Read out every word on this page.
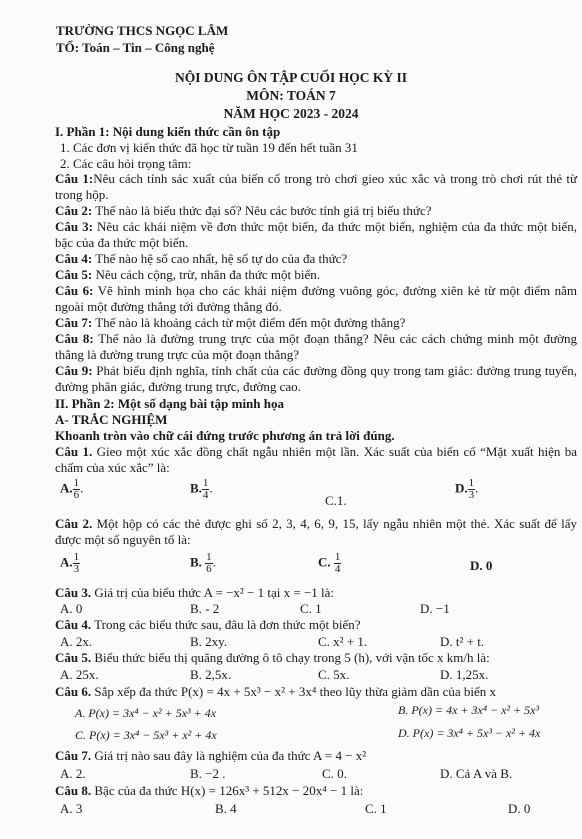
TRƯỜNG THCS NGỌC LÂM
TỔ: Toán – Tin – Công nghệ
NỘI DUNG ÔN TẬP CUỐI HỌC KỲ II
MÔN: TOÁN 7
NĂM HỌC 2023 - 2024
I. Phần 1: Nội dung kiến thức cần ôn tập
1. Các đơn vị kiến thức đã học từ tuần 19 đến hết tuần 31
2. Các câu hỏi trọng tâm:
Câu 1:Nêu cách tính sác xuất của biến cố trong trò chơi gieo xúc xắc và trong trò chơi rút thẻ từ trong hộp.
Câu 2: Thế nào là biểu thức đại số? Nêu các bước tính giá trị biểu thức?
Câu 3: Nêu các khái niệm về đơn thức một biến, đa thức một biến, nghiệm của đa thức một biến, bậc của đa thức một biến.
Câu 4: Thế nào hệ số cao nhất, hệ số tự do của đa thức?
Câu 5: Nêu cách cộng, trừ, nhân đa thức một biến.
Câu 6: Vẽ hình minh họa cho các khái niệm đường vuông góc, đường xiên kẻ từ một điểm nằm ngoài một đường thẳng tới đường thẳng đó.
Câu 7: Thế nào là khoảng cách từ một điểm đến một đường thẳng?
Câu 8: Thế nào là đường trung trực của một đoạn thẳng? Nêu các cách chứng minh một đường thẳng là đường trung trực của một đoạn thẳng?
Câu 9: Phát biểu định nghĩa, tính chất của các đường đồng quy trong tam giác: đường trung tuyến, đường phân giác, đường trung trực, đường cao.
II. Phần 2: Một số dạng bài tập minh họa
A- TRẮC NGHIỆM
Khoanh tròn vào chữ cái đứng trước phương án trả lời đúng.
Câu 1. Gieo một xúc xắc đồng chất ngẫu nhiên một lần. Xác suất của biến cố “Mặt xuất hiện ba chấm của xúc xắc” là:
A. $\frac{1}{6}$ .	B. $\frac{1}{4}$ .
C.1.
D. $\frac{1}{3}$ .
Câu 2. Một hộp có các thẻ được ghi số 2, 3, 4, 6, 9, 15, lấy ngẫu nhiên một thẻ. Xác suất để lấy được một số nguyên tố là:
A. $\frac{1}{3}$	B. $\frac{1}{6}$ .	C. $\frac{1}{4}$	D. 0
Câu 3. Giá trị của biểu thức A = −x² − 1 tại x = −1 là:
A. 0	B. - 2	C. 1	D. −1
Câu 4. Trong các biểu thức sau, đâu là đơn thức một biến?
A. 2x.	B. 2xy.	C. x² + 1.	D. t² + t.
Câu 5. Biểu thức biểu thị quãng đường ô tô chạy trong 5 (h), với vận tốc x km/h là:
A. 25x.	B. 2,5x.	C. 5x.	D. 1,25x.
Câu 6. Sắp xếp đa thức P(x) = 4x + 5x³ − x² + 3x⁴ theo lũy thừa giảm dần của biến x
A. P(x) = 3x⁴ − x² + 5x³ + 4x	B. P(x) = 4x + 3x⁴ − x² + 5x³
C. P(x) = 3x⁴ − 5x³ + x² + 4x	D. P(x) = 3x⁴ + 5x³ − x² + 4x
Câu 7. Giá trị nào sau đây là nghiệm của đa thức A = 4 − x²
A. 2.	B. −2 .	C. 0.	D. Cả A và B.
Câu 8. Bậc của đa thức H(x) = 126x³ + 512x − 20x⁴ − 1 là:
A. 3	B. 4	C. 1	D. 0
